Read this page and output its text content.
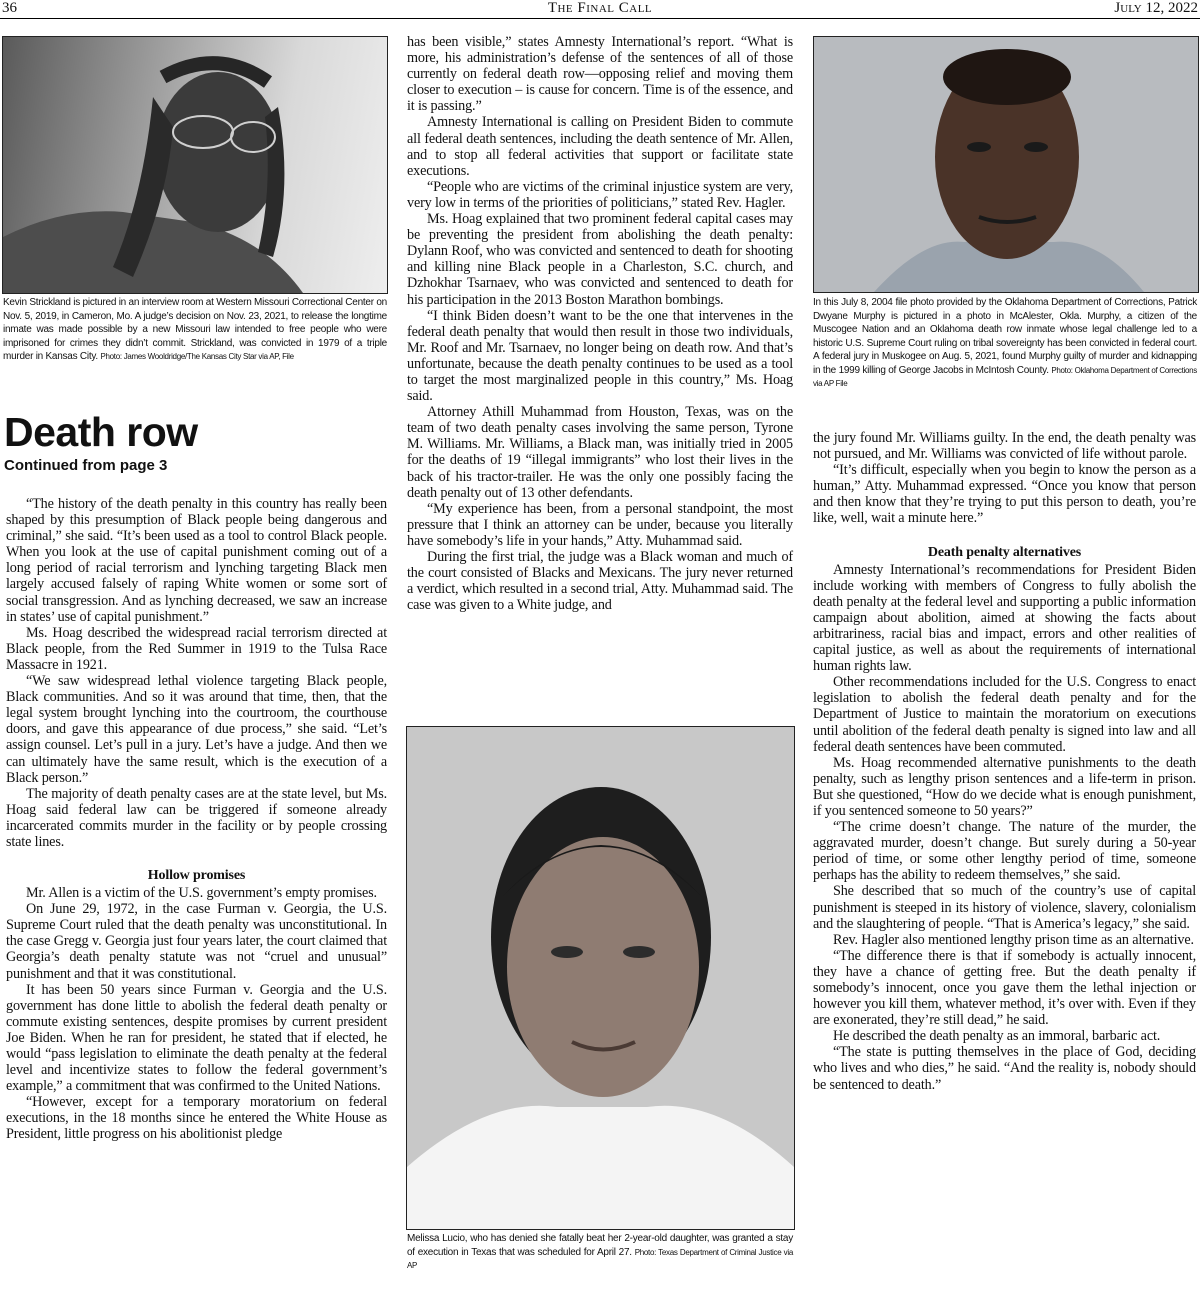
The Final Call
36	July 12, 2022
Kevin Strickland is pictured in an interview room at Western Missouri Correctional Center on Nov. 5, 2019, in Cameron, Mo. A judge’s decision on Nov. 23, 2021, to release the longtime inmate was made possible by a new Missouri law intended to free people who were imprisoned for crimes they didn’t commit. Strickland, was convicted in 1979 of a triple murder in Kansas City. Photo: James Wooldridge/The Kansas City Star via AP, File
Death row
Continued from page 3

“The history of the death penalty in this country has really been shaped by this presumption of Black people being dangerous and criminal,” she said. “It’s been used as a tool to control Black people. When you look at the use of capital punishment coming out of a long period of racial terrorism and lynching targeting Black men largely accused falsely of raping White women or some sort of social transgression. And as lynching decreased, we saw an increase in states’ use of capital punishment.”

Ms. Hoag described the widespread racial terrorism directed at Black people, from the Red Summer in 1919 to the Tulsa Race Massacre in 1921.

“We saw widespread lethal violence targeting Black people, Black communities. And so it was around that time, then, that the legal system brought lynching into the courtroom, the courthouse doors, and gave this appearance of due process,” she said. “Let’s assign counsel. Let’s pull in a jury. Let’s have a judge. And then we can ultimately have the same result, which is the execution of a Black person.”

The majority of death penalty cases are at the state level, but Ms. Hoag said federal law can be triggered if someone already incarcerated commits murder in the facility or by people crossing state lines.

Hollow promises

Mr. Allen is a victim of the U.S. government’s empty promises.

On June 29, 1972, in the case Furman v. Georgia, the U.S. Supreme Court ruled that the death penalty was unconstitutional. In the case Gregg v. Georgia just four years later, the court claimed that Georgia’s death penalty statute was not “cruel and unusual” punishment and that it was constitutional.

It has been 50 years since Furman v. Georgia and the U.S. government has done little to abolish the federal death penalty or commute existing sentences, despite promises by current president Joe Biden. When he ran for president, he stated that if elected, he would “pass legislation to eliminate the death penalty at the federal level and incentivize states to follow the federal government’s example,” a commitment that was confirmed to the United Nations.

“However, except for a temporary moratorium on federal executions, in the 18 months since he entered the White House as President, little progress on his abolitionist pledge

has been visible,” states Amnesty International’s report. “What is more, his administration’s defense of the sentences of all of those currently on federal death row—opposing relief and moving them closer to execution – is cause for concern. Time is of the essence, and it is passing.”

Amnesty International is calling on President Biden to commute all federal death sentences, including the death sentence of Mr. Allen, and to stop all federal activities that support or facilitate state executions.

“People who are victims of the criminal injustice system are very, very low in terms of the priorities of politicians,” stated Rev. Hagler.

Ms. Hoag explained that two prominent federal capital cases may be preventing the president from abolishing the death penalty: Dylann Roof, who was convicted and sentenced to death for shooting and killing nine Black people in a Charleston, S.C. church, and Dzhokhar Tsarnaev, who was convicted and sentenced to death for his participation in the 2013 Boston Marathon bombings.

“I think Biden doesn’t want to be the one that intervenes in the federal death penalty that would then result in those two individuals, Mr. Roof and Mr. Tsarnaev, no longer being on death row. And that’s unfortunate, because the death penalty continues to be used as a tool to target the most marginalized people in this country,” Ms. Hoag said.

Attorney Athill Muhammad from Houston, Texas, was on the team of two death penalty cases involving the same person, Tyrone M. Williams. Mr. Williams, a Black man, was initially tried in 2005 for the deaths of 19 “illegal immigrants” who lost their lives in the back of his tractor-trailer. He was the only one possibly facing the death penalty out of 13 other defendants.

“My experience has been, from a personal standpoint, the most pressure that I think an attorney can be under, because you literally have somebody’s life in your hands,” Atty. Muhammad said.

During the first trial, the judge was a Black woman and much of the court consisted of Blacks and Mexicans. The jury never returned a verdict, which resulted in a second trial, Atty. Muhammad said. The case was given to a White judge, and

Melissa Lucio, who has denied she fatally beat her 2-year-old daughter, was granted a stay of execution in Texas that was scheduled for April 27. Photo: Texas Department of Criminal Justice via AP
In this July 8, 2004 file photo provided by the Oklahoma Department of Corrections, Patrick Dwyane Murphy is pictured in a photo in McAlester, Okla. Murphy, a citizen of the Muscogee Nation and an Oklahoma death row inmate whose legal challenge led to a historic U.S. Supreme Court ruling on tribal sovereignty has been convicted in federal court. A federal jury in Muskogee on Aug. 5, 2021, found Murphy guilty of murder and kidnapping in the 1999 killing of George Jacobs in McIntosh County. Photo: Oklahoma Department of Corrections via AP File

the jury found Mr. Williams guilty. In the end, the death penalty was not pursued, and Mr. Williams was convicted of life without parole.

“It’s difficult, especially when you begin to know the person as a human,” Atty. Muhammad expressed. “Once you know that person and then know that they’re trying to put this person to death, you’re like, well, wait a minute here.”

Death penalty alternatives

Amnesty International’s recommendations for President Biden include working with members of Congress to fully abolish the death penalty at the federal level and supporting a public information campaign about abolition, aimed at showing the facts about arbitrariness, racial bias and impact, errors and other realities of capital justice, as well as about the requirements of international human rights law.

Other recommendations included for the U.S. Congress to enact legislation to abolish the federal death penalty and for the Department of Justice to maintain the moratorium on executions until abolition of the federal death penalty is signed into law and all federal death sentences have been commuted.

Ms. Hoag recommended alternative punishments to the death penalty, such as lengthy prison sentences and a life-term in prison. But she questioned, “How do we decide what is enough punishment, if you sentenced someone to 50 years?”

“The crime doesn’t change. The nature of the murder, the aggravated murder, doesn’t change. But surely during a 50-year period of time, or some other lengthy period of time, someone perhaps has the ability to redeem themselves,” she said.

She described that so much of the country’s use of capital punishment is steeped in its history of violence, slavery, colonialism and the slaughtering of people. “That is America’s legacy,” she said.

Rev. Hagler also mentioned lengthy prison time as an alternative.

“The difference there is that if somebody is actually innocent, they have a chance of getting free. But the death penalty if somebody’s innocent, once you gave them the lethal injection or however you kill them, whatever method, it’s over with. Even if they are exonerated, they’re still dead,” he said.

He described the death penalty as an immoral, barbaric act.

“The state is putting themselves in the place of God, deciding who lives and who dies,” he said. “And the reality is, nobody should be sentenced to death.”
